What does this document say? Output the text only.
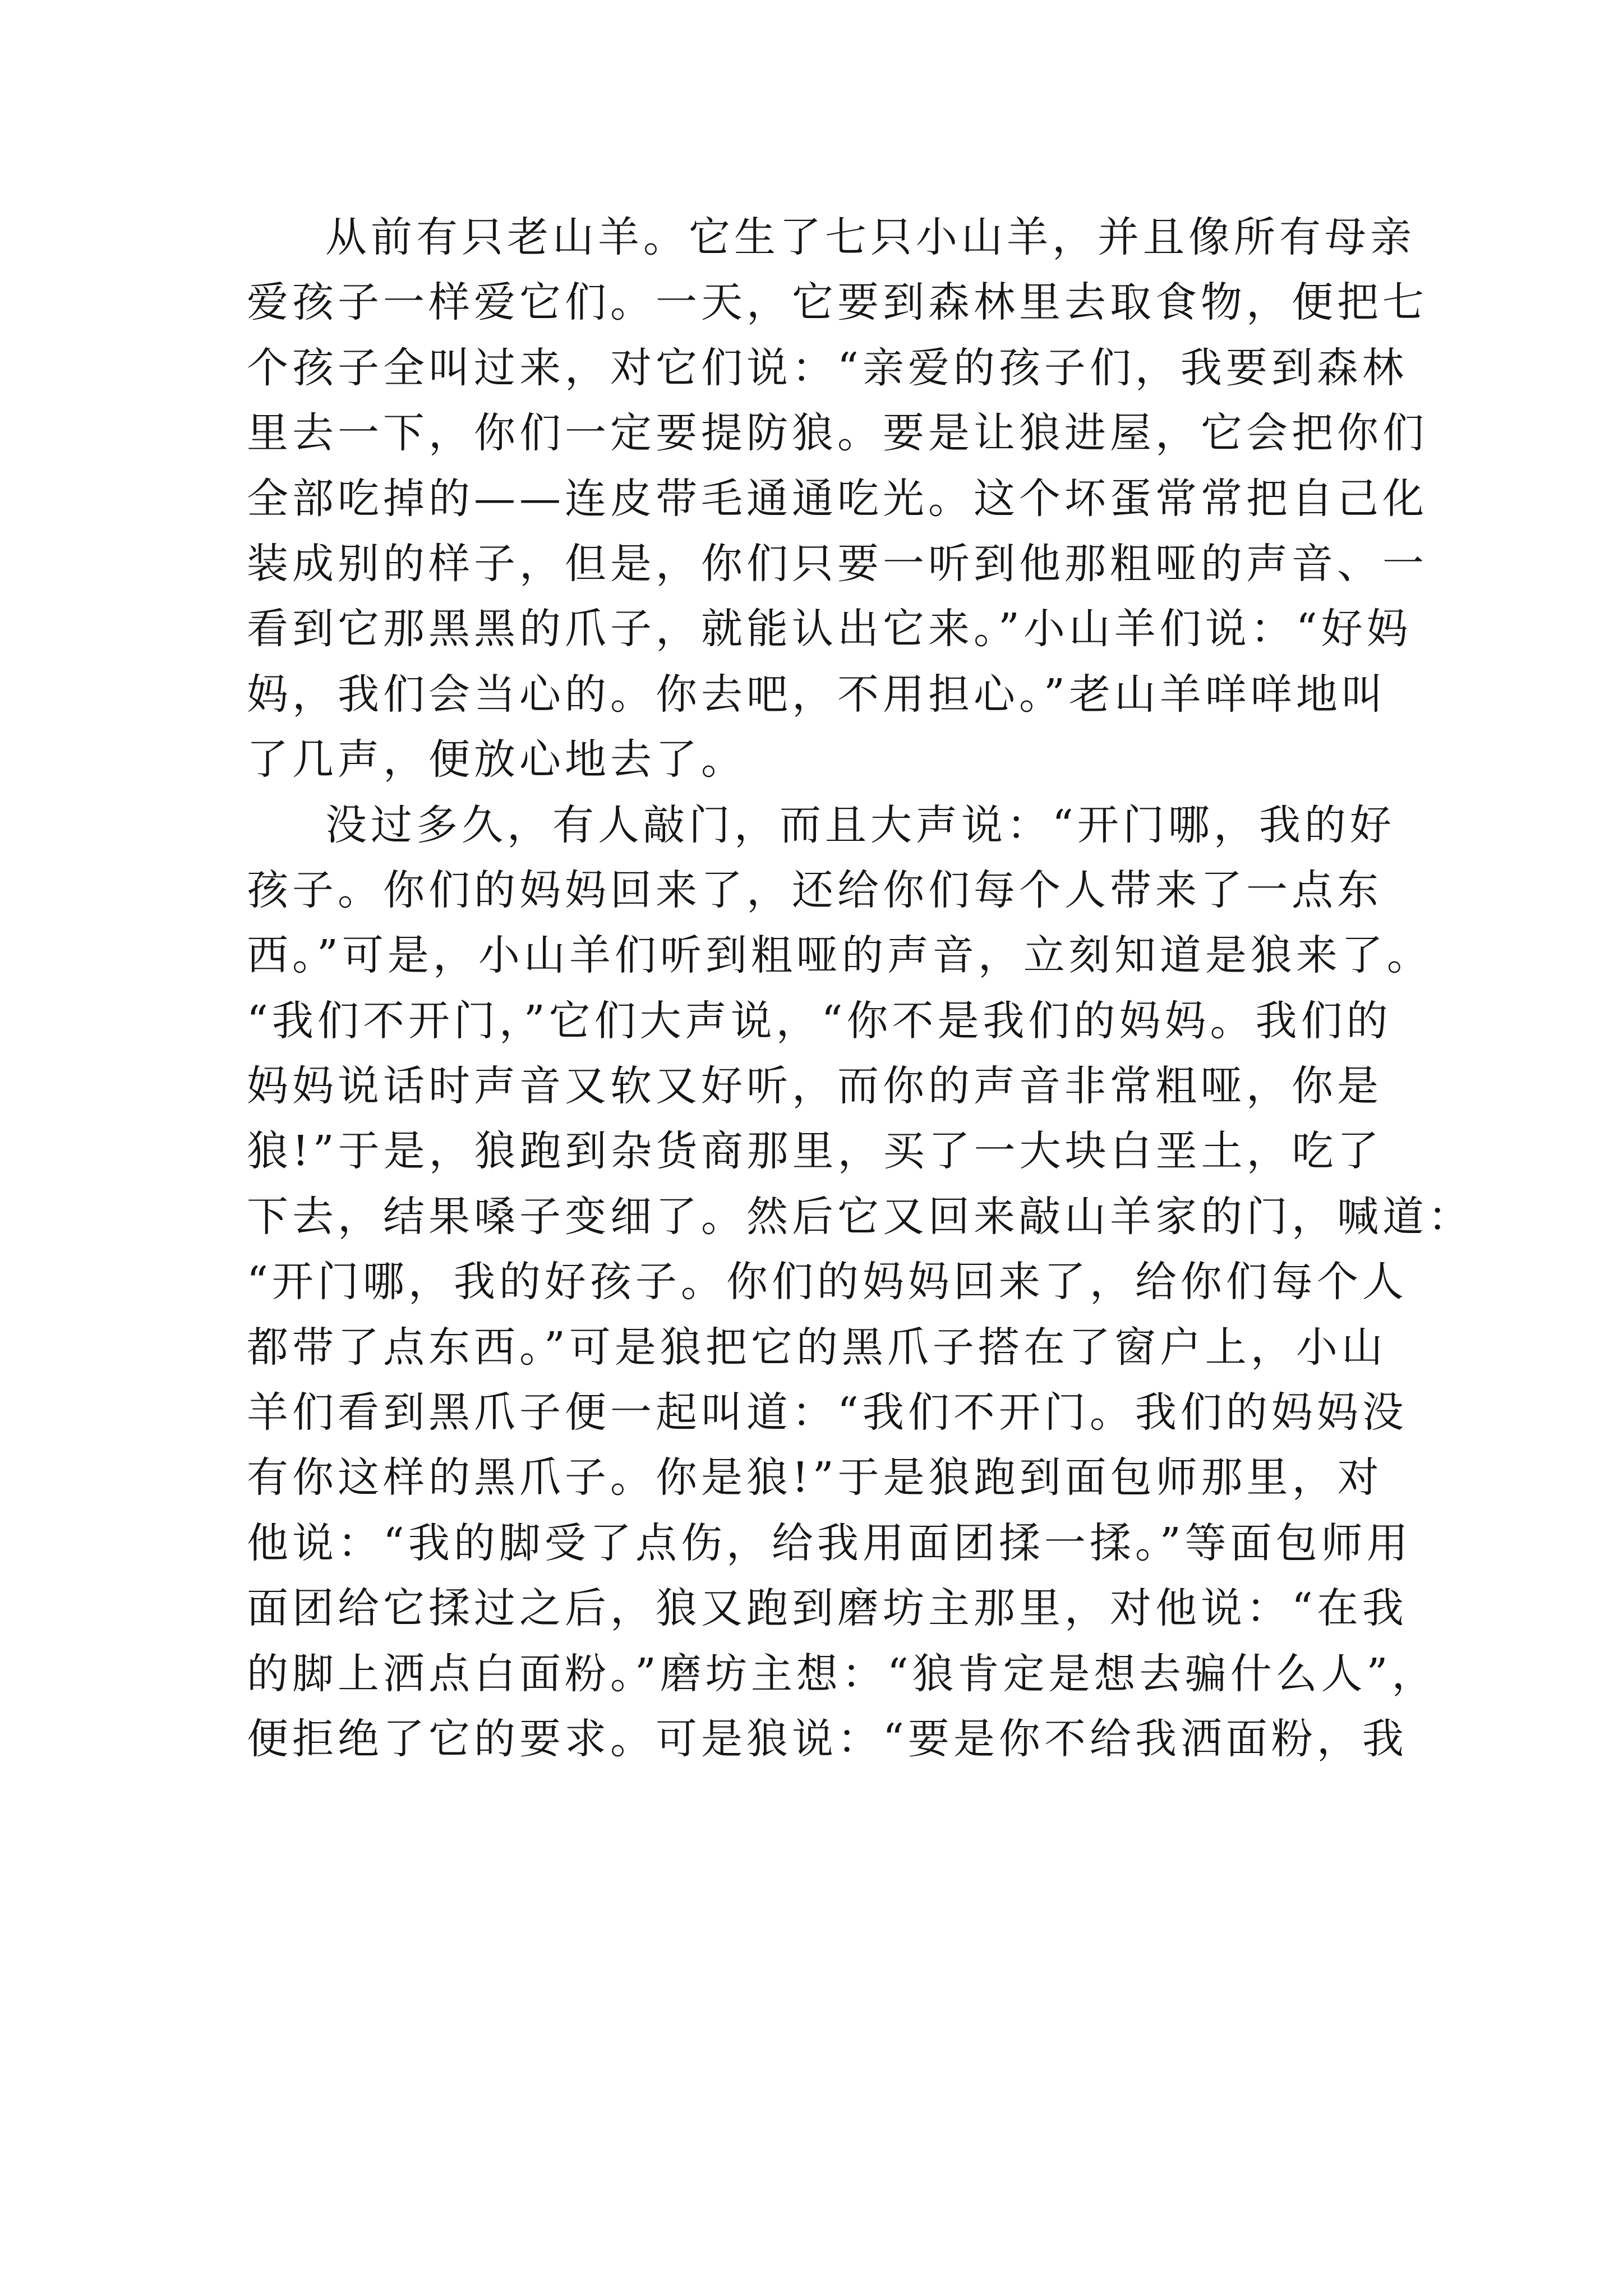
从前有只老山羊。它生了七只小山羊，并且像所有母亲
爱孩子一样爱它们。一天，它要到森林里去取食物，便把七
个孩子全叫过来，对它们说：“亲爱的孩子们，我要到森林
里去一下，你们一定要提防狼。要是让狼进屋，它会把你们
全部吃掉的——连皮带毛通通吃光。这个坏蛋常常把自己化
装成别的样子，但是，你们只要一听到他那粗哑的声音、一
看到它那黑黑的爪子，就能认出它来。”小山羊们说：“好妈
妈，我们会当心的。你去吧，不用担心。”老山羊咩咩地叫
了几声，便放心地去了。
没过多久，有人敲门，而且大声说：“开门哪，我的好
孩子。你们的妈妈回来了，还给你们每个人带来了一点东
西。”可是，小山羊们听到粗哑的声音，立刻知道是狼来了。
“我们不开门，”它们大声说，“你不是我们的妈妈。我们的
妈妈说话时声音又软又好听，而你的声音非常粗哑，你是
狼!”于是，狼跑到杂货商那里，买了一大块白垩土，吃了
下去，结果嗓子变细了。然后它又回来敲山羊家的门，喊道：
“开门哪，我的好孩子。你们的妈妈回来了，给你们每个人
都带了点东西。”可是狼把它的黑爪子搭在了窗户上，小山
羊们看到黑爪子便一起叫道：“我们不开门。我们的妈妈没
有你这样的黑爪子。你是狼!”于是狼跑到面包师那里，对
他说：“我的脚受了点伤，给我用面团揉一揉。”等面包师用
面团给它揉过之后，狼又跑到磨坊主那里，对他说：“在我
的脚上洒点白面粉。”磨坊主想：“狼肯定是想去骗什么人”，
便拒绝了它的要求。可是狼说：“要是你不给我洒面粉，我
